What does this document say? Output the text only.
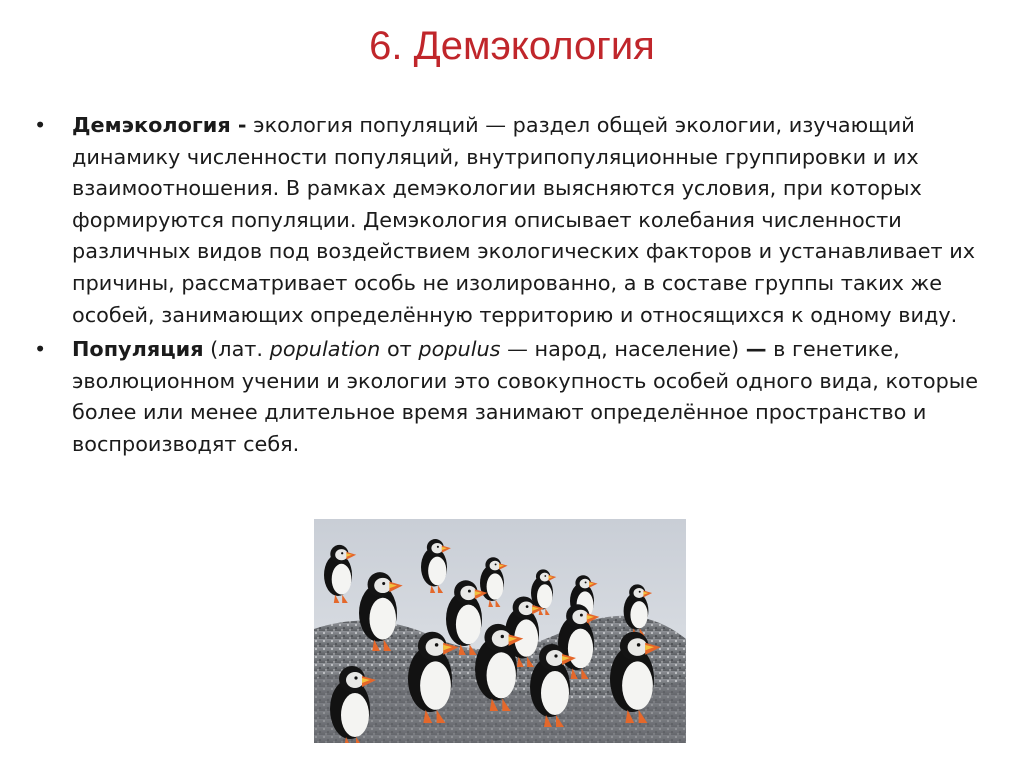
6. Демэкология

•	Демэкология - экология популяций — раздел общей экологии, изучающий динамику численности популяций, внутрипопуляционные группировки и их взаимоотношения. В рамках демэкологии выясняются условия, при которых формируются популяции. Демэкология описывает колебания численности различных видов под воздействием экологических факторов и устанавливает их причины, рассматривает особь не изолированно, а в составе группы таких же особей, занимающих определённую территорию и относящихся к одному виду.

•	Популяция (лат. population от populus — народ, население) — в генетике, эволюционном учении и экологии это совокупность особей одного вида, которые более или менее длительное время занимают определённое пространство и воспроизводят себя.
